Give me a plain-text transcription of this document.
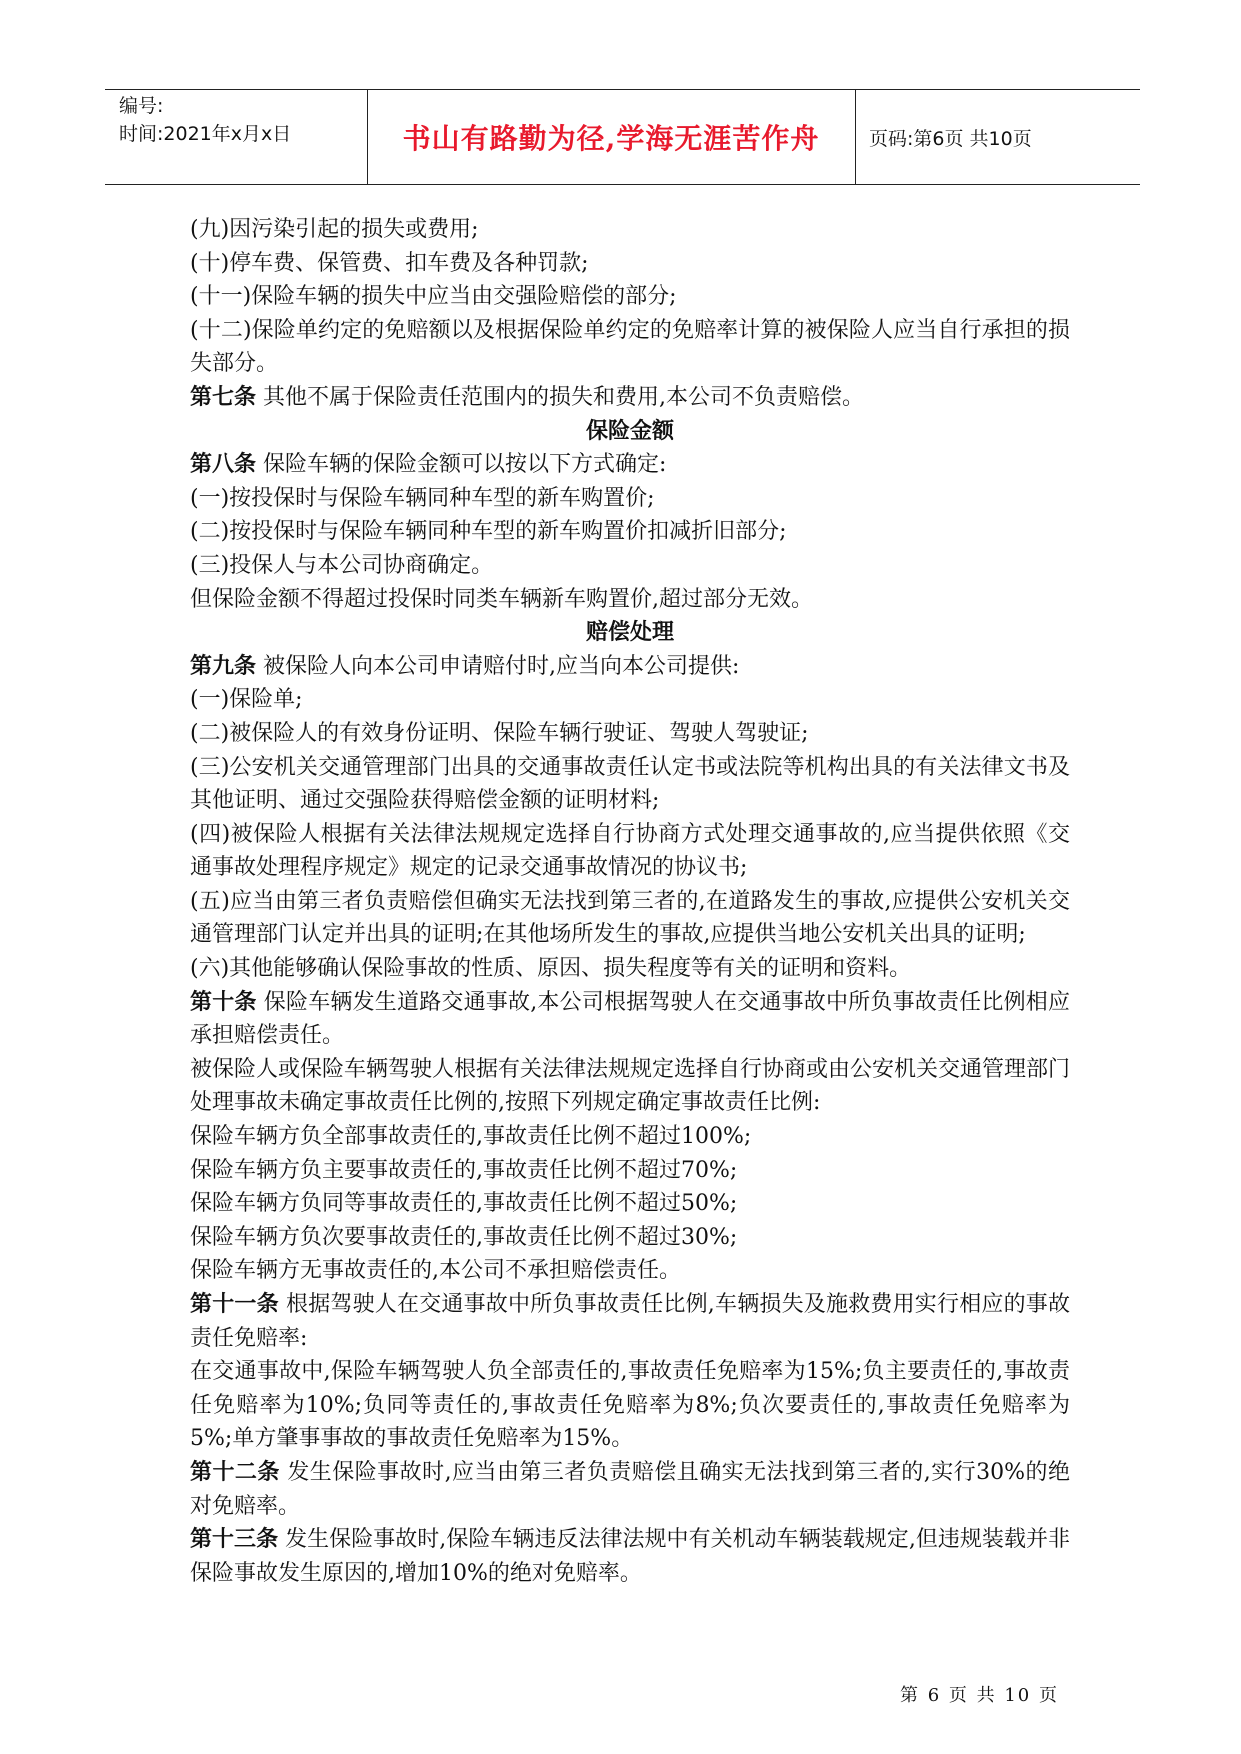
编号:
时间:2021年x月x日	书山有路勤为径,学海无涯苦作舟	页码:第6页 共10页

(九)因污染引起的损失或费用;

(十)停车费、保管费、扣车费及各种罚款;

(十一)保险车辆的损失中应当由交强险赔偿的部分;

(十二)保险单约定的免赔额以及根据保险单约定的免赔率计算的被保险人应当自行承担的损失部分。

第七条 其他不属于保险责任范围内的损失和费用,本公司不负责赔偿。

保险金额

第八条 保险车辆的保险金额可以按以下方式确定:

(一)按投保时与保险车辆同种车型的新车购置价;

(二)按投保时与保险车辆同种车型的新车购置价扣减折旧部分;

(三)投保人与本公司协商确定。

但保险金额不得超过投保时同类车辆新车购置价,超过部分无效。

赔偿处理

第九条 被保险人向本公司申请赔付时,应当向本公司提供:

(一)保险单;

(二)被保险人的有效身份证明、保险车辆行驶证、驾驶人驾驶证;

(三)公安机关交通管理部门出具的交通事故责任认定书或法院等机构出具的有关法律文书及其他证明、通过交强险获得赔偿金额的证明材料;

(四)被保险人根据有关法律法规规定选择自行协商方式处理交通事故的,应当提供依照《交通事故处理程序规定》规定的记录交通事故情况的协议书;

(五)应当由第三者负责赔偿但确实无法找到第三者的,在道路发生的事故,应提供公安机关交通管理部门认定并出具的证明;在其他场所发生的事故,应提供当地公安机关出具的证明;

(六)其他能够确认保险事故的性质、原因、损失程度等有关的证明和资料。

第十条 保险车辆发生道路交通事故,本公司根据驾驶人在交通事故中所负事故责任比例相应承担赔偿责任。

被保险人或保险车辆驾驶人根据有关法律法规规定选择自行协商或由公安机关交通管理部门处理事故未确定事故责任比例的,按照下列规定确定事故责任比例:

保险车辆方负全部事故责任的,事故责任比例不超过100%;

保险车辆方负主要事故责任的,事故责任比例不超过70%;

保险车辆方负同等事故责任的,事故责任比例不超过50%;

保险车辆方负次要事故责任的,事故责任比例不超过30%;

保险车辆方无事故责任的,本公司不承担赔偿责任。

第十一条 根据驾驶人在交通事故中所负事故责任比例,车辆损失及施救费用实行相应的事故责任免赔率:

在交通事故中,保险车辆驾驶人负全部责任的,事故责任免赔率为15%;负主要责任的,事故责任免赔率为10%;负同等责任的,事故责任免赔率为8%;负次要责任的,事故责任免赔率为5%;单方肇事事故的事故责任免赔率为15%。

第十二条 发生保险事故时,应当由第三者负责赔偿且确实无法找到第三者的,实行30%的绝对免赔率。

第十三条 发生保险事故时,保险车辆违反法律法规中有关机动车辆装载规定,但违规装载并非保险事故发生原因的,增加10%的绝对免赔率。

第 6 页 共 10 页
